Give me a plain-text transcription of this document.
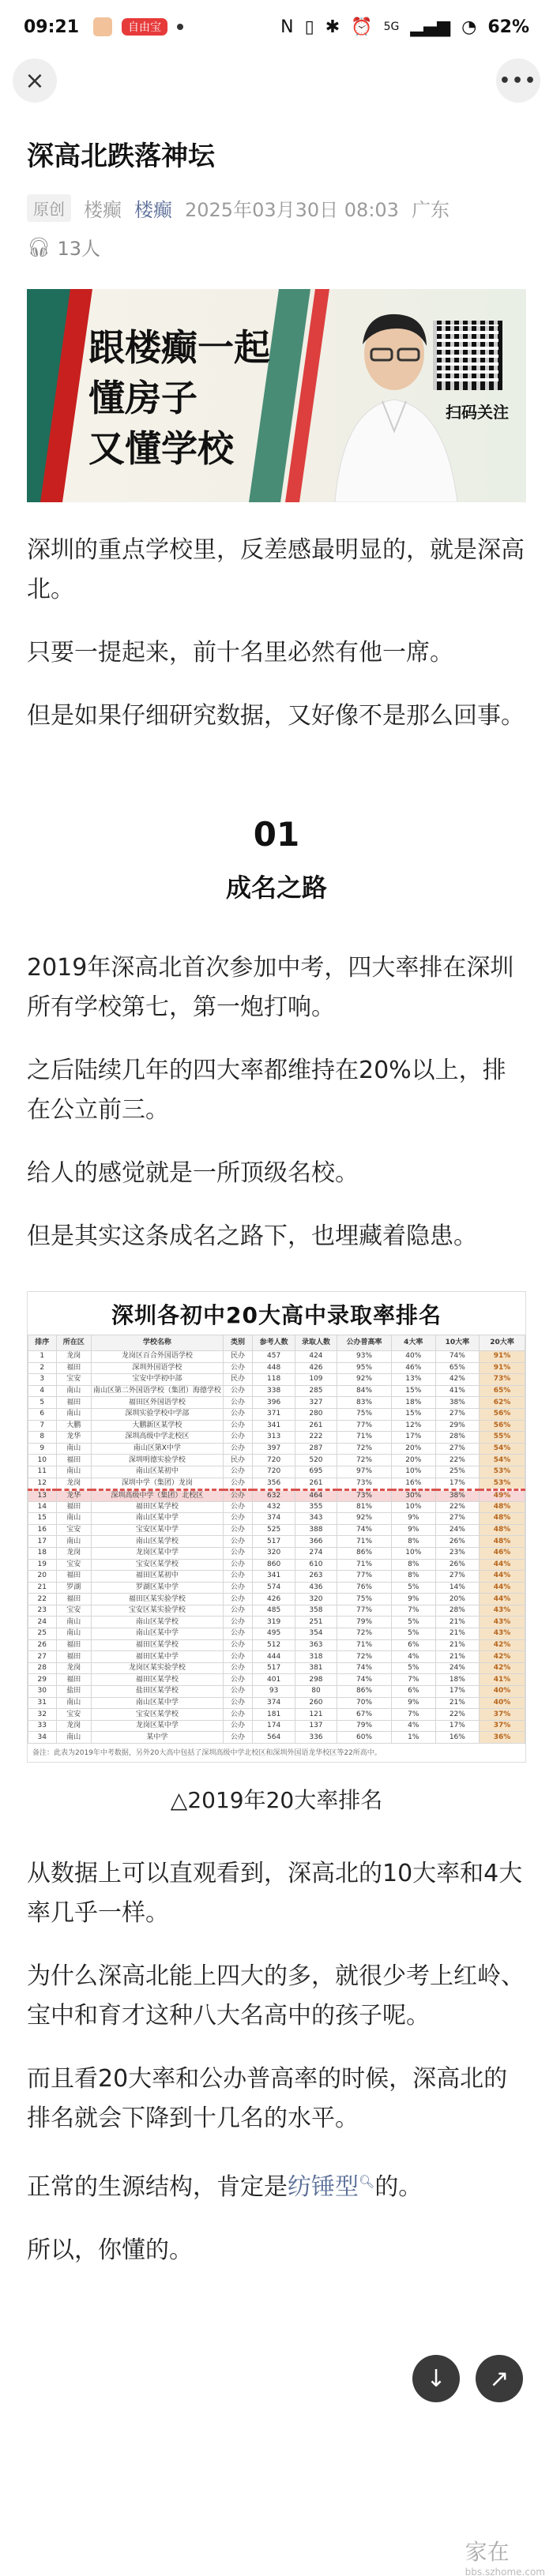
09:21	自由宝	N ▯ ✱ ⏰ 5G ▂▄▆ ◔ 62%
×	•••
深高北跌落神坛
原创	楼癫 楼癫 2025年03月30日 08:03 广东
🎧︎ 13人
跟楼癫一起
懂房子
又懂学校
扫码关注

深圳的重点学校里，反差感最明显的，就是深高北。

只要一提起来，前十名里必然有他一席。

但是如果仔细研究数据，又好像不是那么回事。

01
成名之路

2019年深高北首次参加中考，四大率排在深圳所有学校第七，第一炮打响。

之后陆续几年的四大率都维持在20%以上，排在公立前三。

给人的感觉就是一所顶级名校。

但是其实这条成名之路下，也埋藏着隐患。

深圳各初中20大高中录取率排名
排序	所在区	学校名称	类别	参考人数	录取人数	公办普高率	4大率	10大率	20大率
1	龙岗	龙岗区百合外国语学校	民办	457	424	93%	40%	74%	91%
2	福田	深圳外国语学校	公办	448	426	95%	46%	65%	91%
3	宝安	宝安中学初中部	民办	118	109	92%	13%	42%	73%
4	南山	南山区第二外国语学校（集团）海德学校	公办	338	285	84%	15%	41%	65%
5	福田	福田区外国语学校	公办	396	327	83%	18%	38%	62%
6	南山	深圳实验学校中学部	公办	371	280	75%	15%	27%	56%
7	大鹏	大鹏新区某学校	公办	341	261	77%	12%	29%	56%
8	龙华	深圳高级中学北校区	公办	313	222	71%	17%	28%	55%
9	南山	南山区第X中学	公办	397	287	72%	20%	27%	54%
10	福田	深圳明德实验学校	民办	720	520	72%	20%	22%	54%
11	南山	南山区某初中	公办	720	695	97%	10%	25%	53%
12	龙岗	深圳中学（集团）龙岗	公办	356	261	73%	16%	17%	53%
13	龙华	深圳高级中学（集团）北校区	公办	632	464	73%	30%	38%	49%
14	福田	福田区某学校	公办	432	355	81%	10%	22%	48%
15	南山	南山区某中学	公办	374	343	92%	9%	27%	48%
16	宝安	宝安区某中学	公办	525	388	74%	9%	24%	48%
17	南山	南山区某学校	公办	517	366	71%	8%	26%	48%
18	龙岗	龙岗区某中学	公办	320	274	86%	10%	23%	46%
19	宝安	宝安区某学校	公办	860	610	71%	8%	26%	44%
20	福田	福田区某初中	公办	341	263	77%	8%	27%	44%
21	罗湖	罗湖区某中学	公办	574	436	76%	5%	14%	44%
22	福田	福田区某实验学校	公办	426	320	75%	9%	20%	44%
23	宝安	宝安区某实验学校	公办	485	358	77%	7%	28%	43%
24	南山	南山区某学校	公办	319	251	79%	5%	21%	43%
25	南山	南山区某中学	公办	495	354	72%	5%	21%	43%
26	福田	福田区某学校	公办	512	363	71%	6%	21%	42%
27	福田	福田区某中学	公办	444	318	72%	4%	21%	42%
28	龙岗	龙岗区某实验学校	公办	517	381	74%	5%	24%	42%
29	福田	福田区某学校	公办	401	298	74%	7%	18%	41%
30	盐田	盐田区某学校	公办	93	80	86%	6%	17%	40%
31	南山	南山区某中学	公办	374	260	70%	9%	21%	40%
32	宝安	宝安区某学校	公办	181	121	67%	7%	22%	37%
33	龙岗	龙岗区某中学	公办	174	137	79%	4%	17%	37%
34	南山	某中学	公办	564	336	60%	1%	16%	36%
备注：此表为2019年中考数据，另外20大高中包括了深圳高级中学北校区和深圳外国语龙华校区等22所高中。
△2019年20大率排名

从数据上可以直观看到，深高北的10大率和4大率几乎一样。

为什么深高北能上四大的多，就很少考上红岭、宝中和育才这种八大名高中的孩子呢。

而且看20大率和公办普高率的时候，深高北的排名就会下降到十几名的水平。

正常的生源结构，肯定是纺锤型🔍︎的。

所以，你懂的。

↓	↗
家在
bbs.szhome.com
